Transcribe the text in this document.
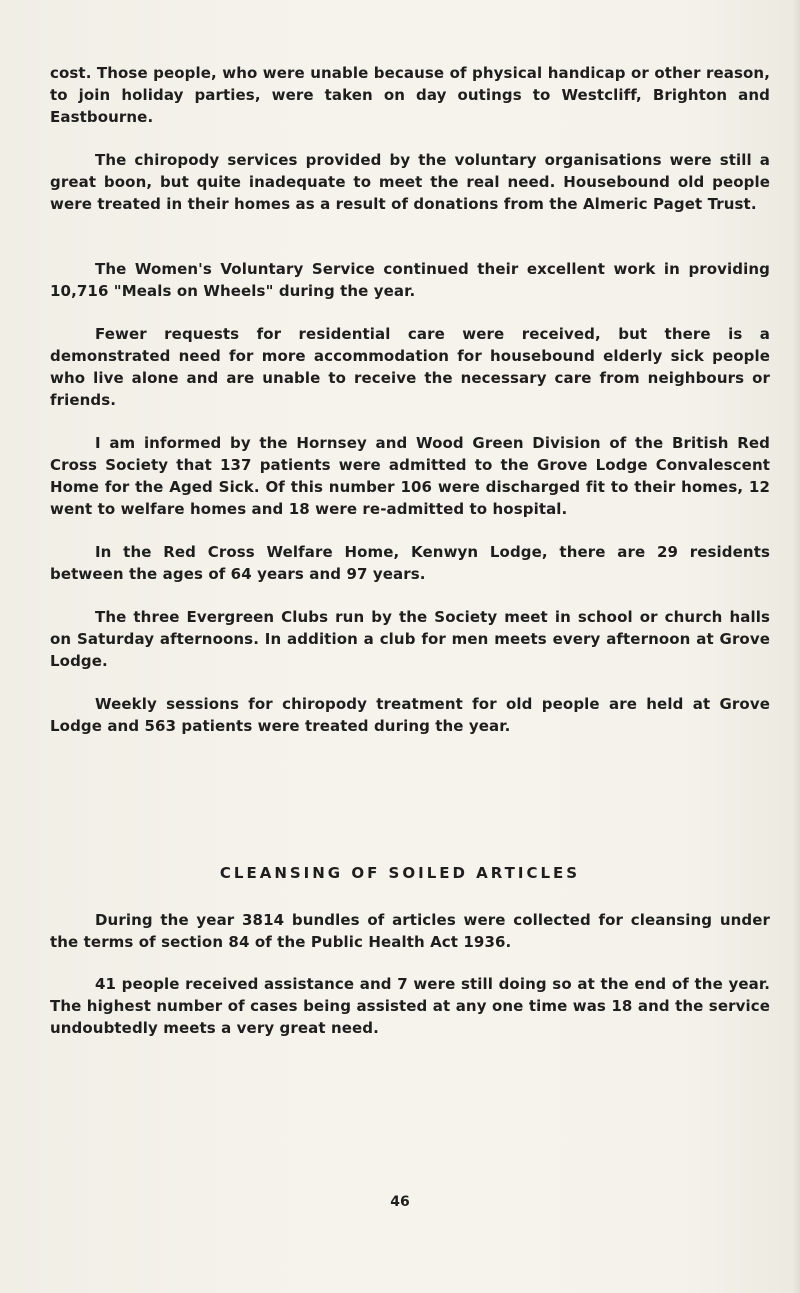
cost. Those people, who were unable because of physical handicap or other reason, to join holiday parties, were taken on day outings to Westcliff, Brighton and Eastbourne.

The chiropody services provided by the voluntary organisations were still a great boon, but quite inadequate to meet the real need. Housebound old people were treated in their homes as a result of donations from the Almeric Paget Trust.

The Women's Voluntary Service continued their excellent work in providing 10,716 "Meals on Wheels" during the year.

Fewer requests for residential care were received, but there is a demonstrated need for more accommodation for housebound elderly sick people who live alone and are unable to receive the necessary care from neighbours or friends.

I am informed by the Hornsey and Wood Green Division of the British Red Cross Society that 137 patients were admitted to the Grove Lodge Convalescent Home for the Aged Sick. Of this number 106 were discharged fit to their homes, 12 went to welfare homes and 18 were re-admitted to hospital.

In the Red Cross Welfare Home, Kenwyn Lodge, there are 29 residents between the ages of 64 years and 97 years.

The three Evergreen Clubs run by the Society meet in school or church halls on Saturday afternoons. In addition a club for men meets every afternoon at Grove Lodge.

Weekly sessions for chiropody treatment for old people are held at Grove Lodge and 563 patients were treated during the year.

CLEANSING OF SOILED ARTICLES

During the year 3814 bundles of articles were collected for cleansing under the terms of section 84 of the Public Health Act 1936.

41 people received assistance and 7 were still doing so at the end of the year. The highest number of cases being assisted at any one time was 18 and the service undoubtedly meets a very great need.

46
